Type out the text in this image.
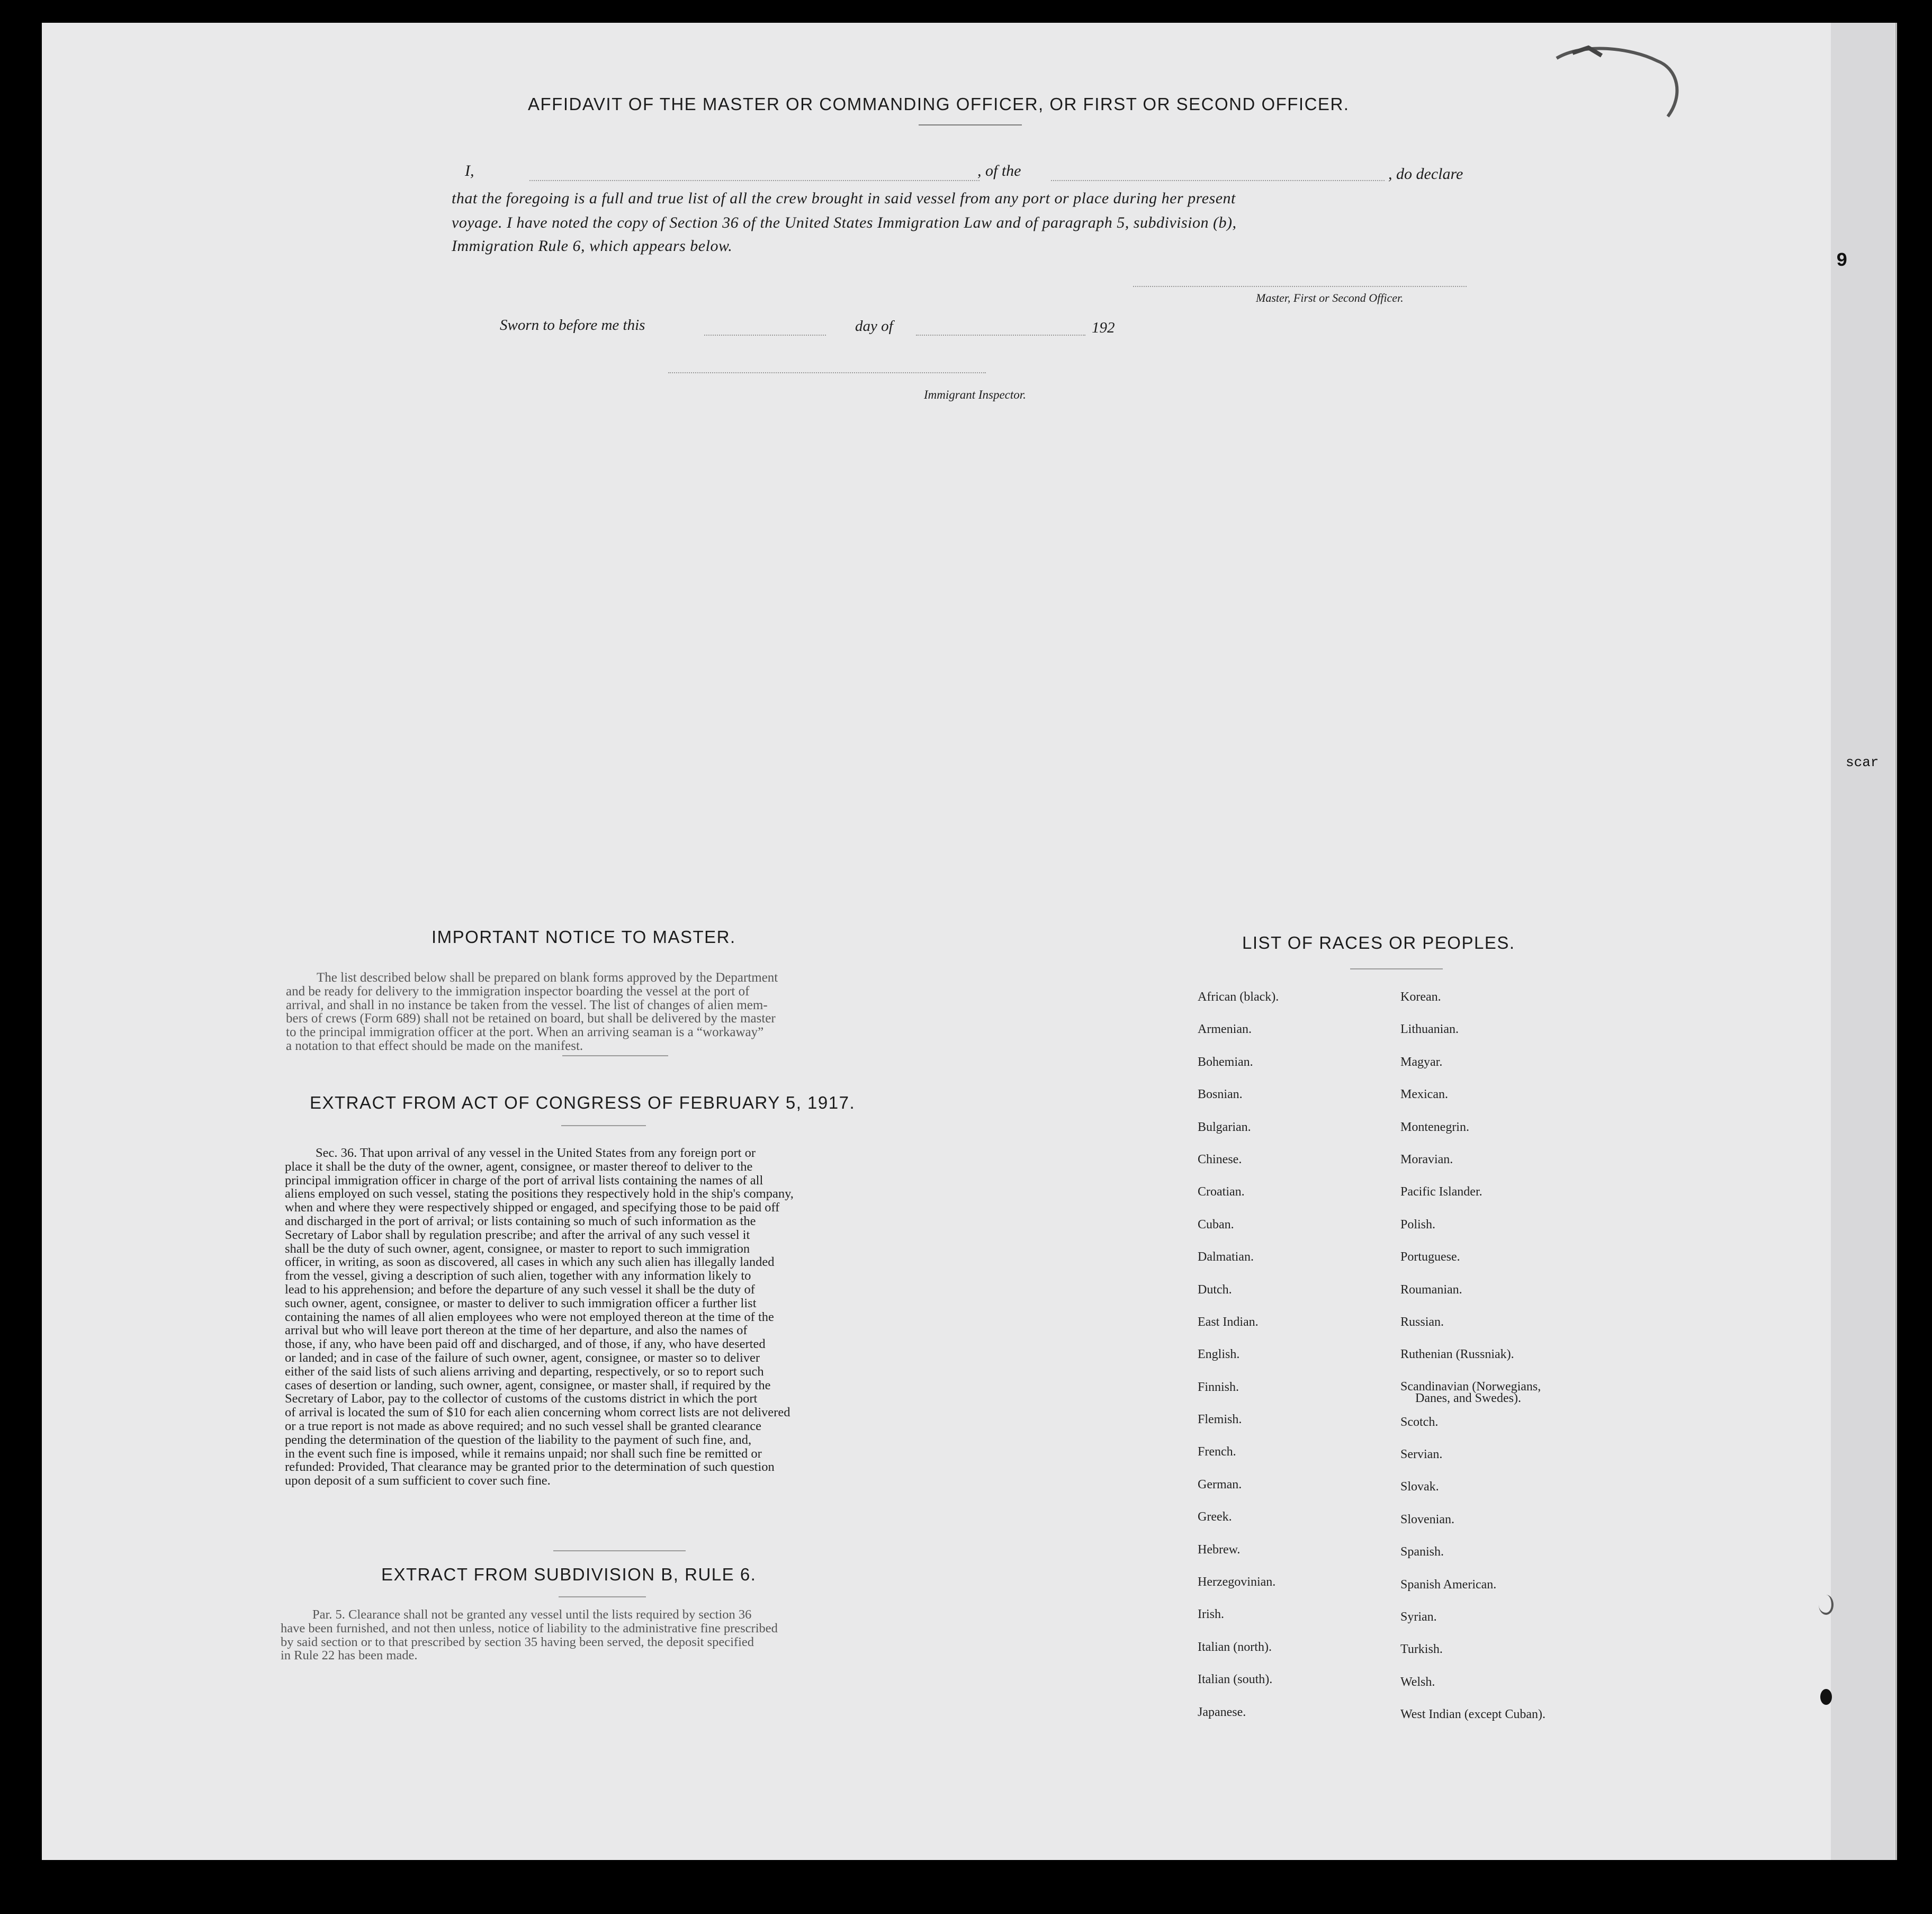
AFFIDAVIT OF THE MASTER OR COMMANDING OFFICER, OR FIRST OR SECOND OFFICER.
I,	, of the	, do declare
that the foregoing is a full and true list of all the crew brought in said vessel from any port or place during her present
voyage. I have noted the copy of Section 36 of the United States Immigration Law and of paragraph 5, subdivision (b),
Immigration Rule 6, which appears below.
Master, First or Second Officer.
Sworn to before me this	day of	192
Immigrant Inspector.
IMPORTANT NOTICE TO MASTER.
The list described below shall be prepared on blank forms approved by the Department
and be ready for delivery to the immigration inspector boarding the vessel at the port of
arrival, and shall in no instance be taken from the vessel. The list of changes of alien mem-
bers of crews (Form 689) shall not be retained on board, but shall be delivered by the master
to the principal immigration officer at the port. When an arriving seaman is a “workaway”
a notation to that effect should be made on the manifest.
EXTRACT FROM ACT OF CONGRESS OF FEBRUARY 5, 1917.
Sec. 36. That upon arrival of any vessel in the United States from any foreign port or
place it shall be the duty of the owner, agent, consignee, or master thereof to deliver to the
principal immigration officer in charge of the port of arrival lists containing the names of all
aliens employed on such vessel, stating the positions they respectively hold in the ship's company,
when and where they were respectively shipped or engaged, and specifying those to be paid off
and discharged in the port of arrival; or lists containing so much of such information as the
Secretary of Labor shall by regulation prescribe; and after the arrival of any such vessel it
shall be the duty of such owner, agent, consignee, or master to report to such immigration
officer, in writing, as soon as discovered, all cases in which any such alien has illegally landed
from the vessel, giving a description of such alien, together with any information likely to
lead to his apprehension; and before the departure of any such vessel it shall be the duty of
such owner, agent, consignee, or master to deliver to such immigration officer a further list
containing the names of all alien employees who were not employed thereon at the time of the
arrival but who will leave port thereon at the time of her departure, and also the names of
those, if any, who have been paid off and discharged, and of those, if any, who have deserted
or landed; and in case of the failure of such owner, agent, consignee, or master so to deliver
either of the said lists of such aliens arriving and departing, respectively, or so to report such
cases of desertion or landing, such owner, agent, consignee, or master shall, if required by the
Secretary of Labor, pay to the collector of customs of the customs district in which the port
of arrival is located the sum of $10 for each alien concerning whom correct lists are not delivered
or a true report is not made as above required; and no such vessel shall be granted clearance
pending the determination of the question of the liability to the payment of such fine, and,
in the event such fine is imposed, while it remains unpaid; nor shall such fine be remitted or
refunded: Provided, That clearance may be granted prior to the determination of such question
upon deposit of a sum sufficient to cover such fine.
EXTRACT FROM SUBDIVISION B, RULE 6.
Par. 5. Clearance shall not be granted any vessel until the lists required by section 36
have been furnished, and not then unless, notice of liability to the administrative fine prescribed
by said section or to that prescribed by section 35 having been served, the deposit specified
in Rule 22 has been made.
LIST OF RACES OR PEOPLES.
African (black).
Armenian.
Bohemian.
Bosnian.
Bulgarian.
Chinese.
Croatian.
Cuban.
Dalmatian.
Dutch.
East Indian.
English.
Finnish.
Flemish.
French.
German.
Greek.
Hebrew.
Herzegovinian.
Irish.
Italian (north).
Italian (south).
Japanese.
Korean.
Lithuanian.
Magyar.
Mexican.
Montenegrin.
Moravian.
Pacific Islander.
Polish.
Portuguese.
Roumanian.
Russian.
Ruthenian (Russniak).
Scandinavian (Norwegians,
Danes, and Swedes).
Scotch.
Servian.
Slovak.
Slovenian.
Spanish.
Spanish American.
Syrian.
Turkish.
Welsh.
West Indian (except Cuban).
9
scar
